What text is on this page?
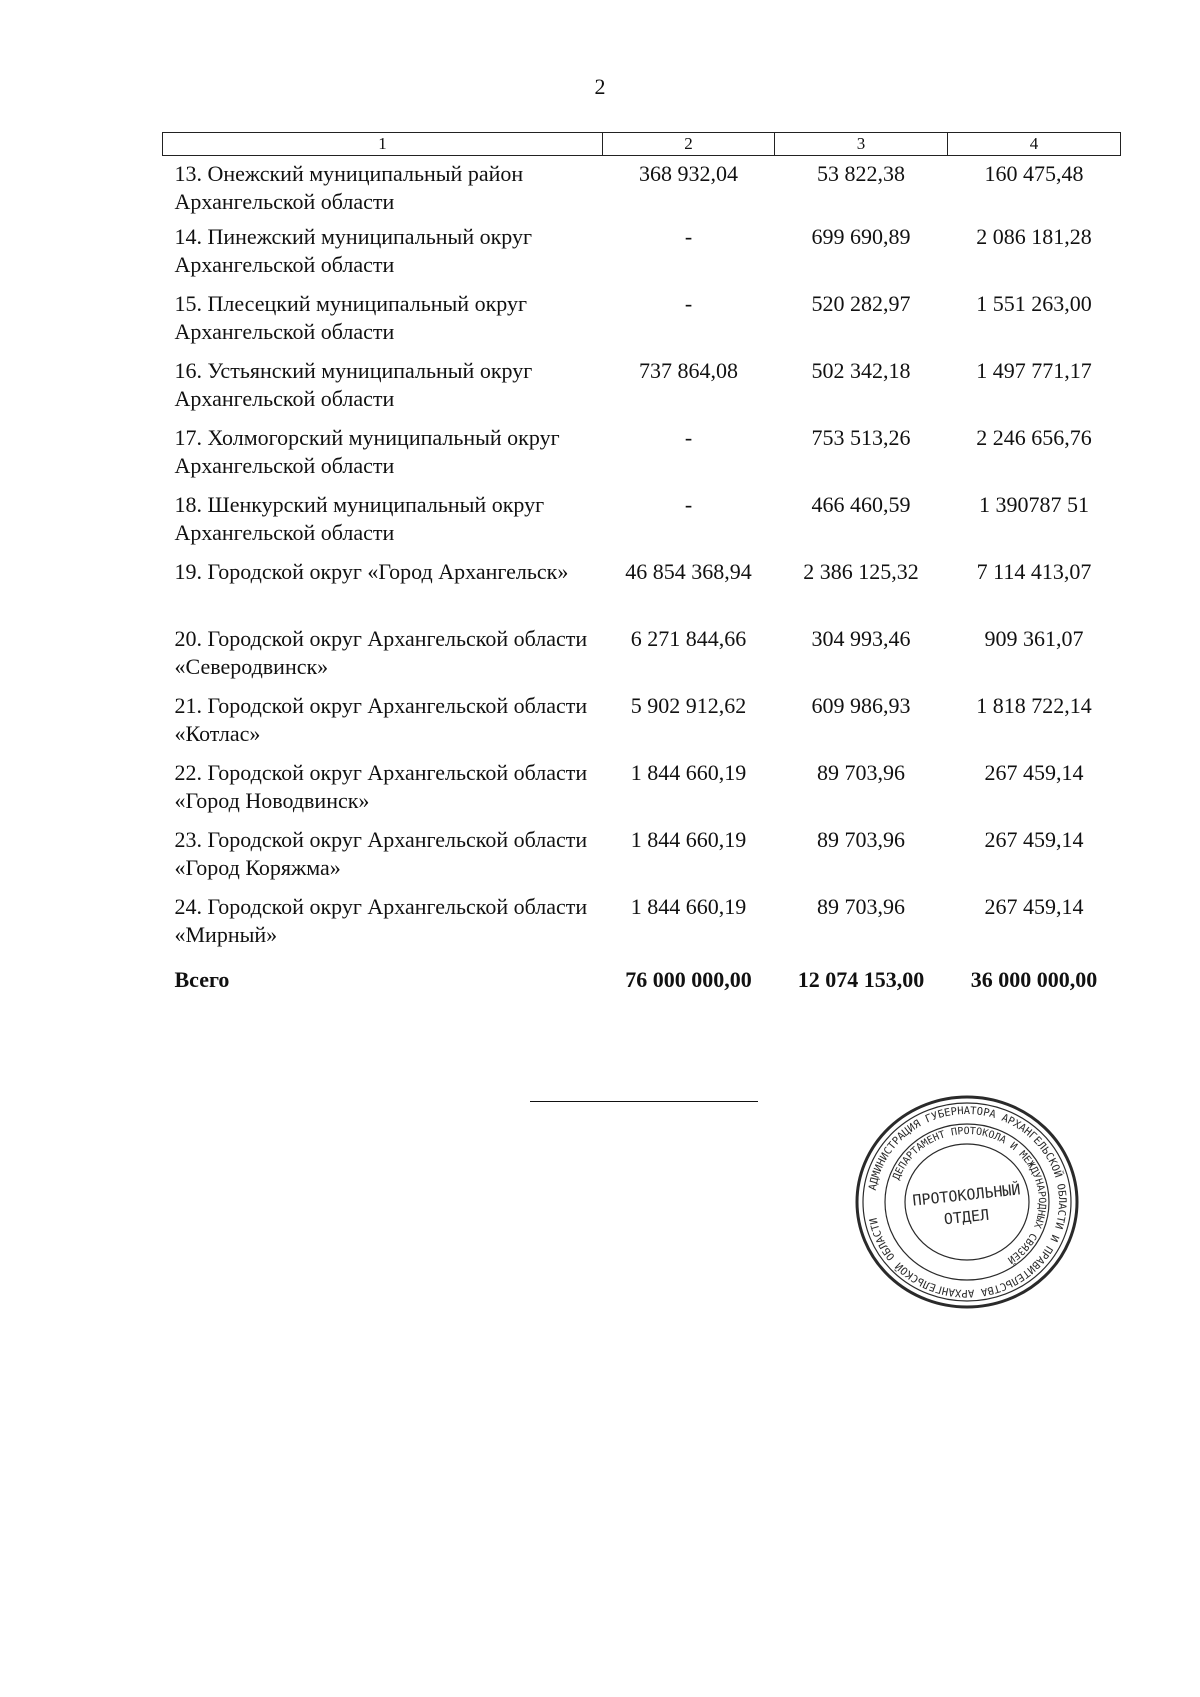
2
1	2	3	4
13. Онежский муниципальный район Архангельской области	368 932,04	53 822,38	160 475,48
14. Пинежский муниципальный округ Архангельской области	-	699 690,89	2 086 181,28
15. Плесецкий муниципальный округ Архангельской области	-	520 282,97	1 551 263,00
16. Устьянский муниципальный округ Архангельской области	737 864,08	502 342,18	1 497 771,17
17. Холмогорский муниципальный округ Архангельской области	-	753 513,26	2 246 656,76
18. Шенкурский муниципальный округ Архангельской области	-	466 460,59	1 390787 51
19. Городской округ «Город Архангельск»	46 854 368,94	2 386 125,32	7 114 413,07
20. Городской округ Архангельской области «Северодвинск»	6 271 844,66	304 993,46	909 361,07
21. Городской округ Архангельской области «Котлас»	5 902 912,62	609 986,93	1 818 722,14
22. Городской округ Архангельской области «Город Новодвинск»	1 844 660,19	89 703,96	267 459,14
23. Городской округ Архангельской области «Город Коряжма»	1 844 660,19	89 703,96	267 459,14
24. Городской округ Архангельской области «Мирный»	1 844 660,19	89 703,96	267 459,14
Всего	76 000 000,00	12 074 153,00	36 000 000,00
АДМИНИСТРАЦИЯ ГУБЕРНАТОРА АРХАНГЕЛЬСКОЙ ОБЛАСТИ И ПРАВИТЕЛЬСТВА АРХАНГЕЛЬСКОЙ ОБЛАСТИ
ДЕПАРТАМЕНТ ПРОТОКОЛА И МЕЖДУНАРОДНЫХ СВЯЗЕЙ
ПРОТОКОЛЬНЫЙ
ОТДЕЛ
